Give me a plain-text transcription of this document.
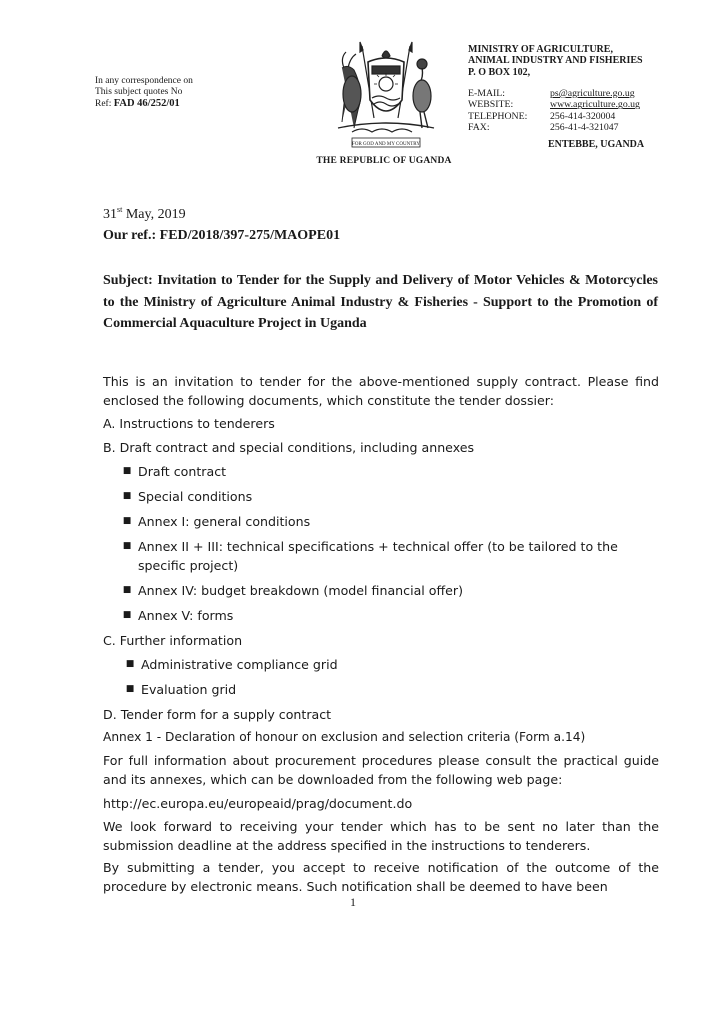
In any correspondence on
This subject quotes No
Ref: FAD 46/252/01
FOR GOD AND MY COUNTRY
THE REPUBLIC OF UGANDA
MINISTRY OF AGRICULTURE,
ANIMAL INDUSTRY AND FISHERIES
P. O BOX 102,
E-MAIL:	ps@agriculture.go.ug
WEBSITE:	www.agriculture.go.ug
TELEPHONE:	256-414-320004
FAX:	256-41-4-321047
ENTEBBE, UGANDA
31st May, 2019
Our ref.: FED/2018/397-275/MAOPE01
Subject: Invitation to Tender for the Supply and Delivery of Motor Vehicles & Motorcycles to the Ministry of Agriculture Animal Industry & Fisheries - Support to the Promotion of Commercial Aquaculture Project in Uganda

This is an invitation to tender for the above-mentioned supply contract. Please find enclosed the following documents, which constitute the tender dossier:

A. Instructions to tenderers

B. Draft contract and special conditions, including annexes

■ Draft contract
■ Special conditions
■ Annex I: general conditions
■ Annex II + III: technical specifications + technical offer (to be tailored to the specific project)
■ Annex IV: budget breakdown (model financial offer)
■ Annex V: forms

C. Further information

■ Administrative compliance grid
■ Evaluation grid

D. Tender form for a supply contract

Annex 1 - Declaration of honour on exclusion and selection criteria (Form a.14)

For full information about procurement procedures please consult the practical guide and its annexes, which can be downloaded from the following web page:

http://ec.europa.eu/europeaid/prag/document.do

We look forward to receiving your tender which has to be sent no later than the submission deadline at the address specified in the instructions to tenderers.

By submitting a tender, you accept to receive notification of the outcome of the procedure by electronic means. Such notification shall be deemed to have been

1
